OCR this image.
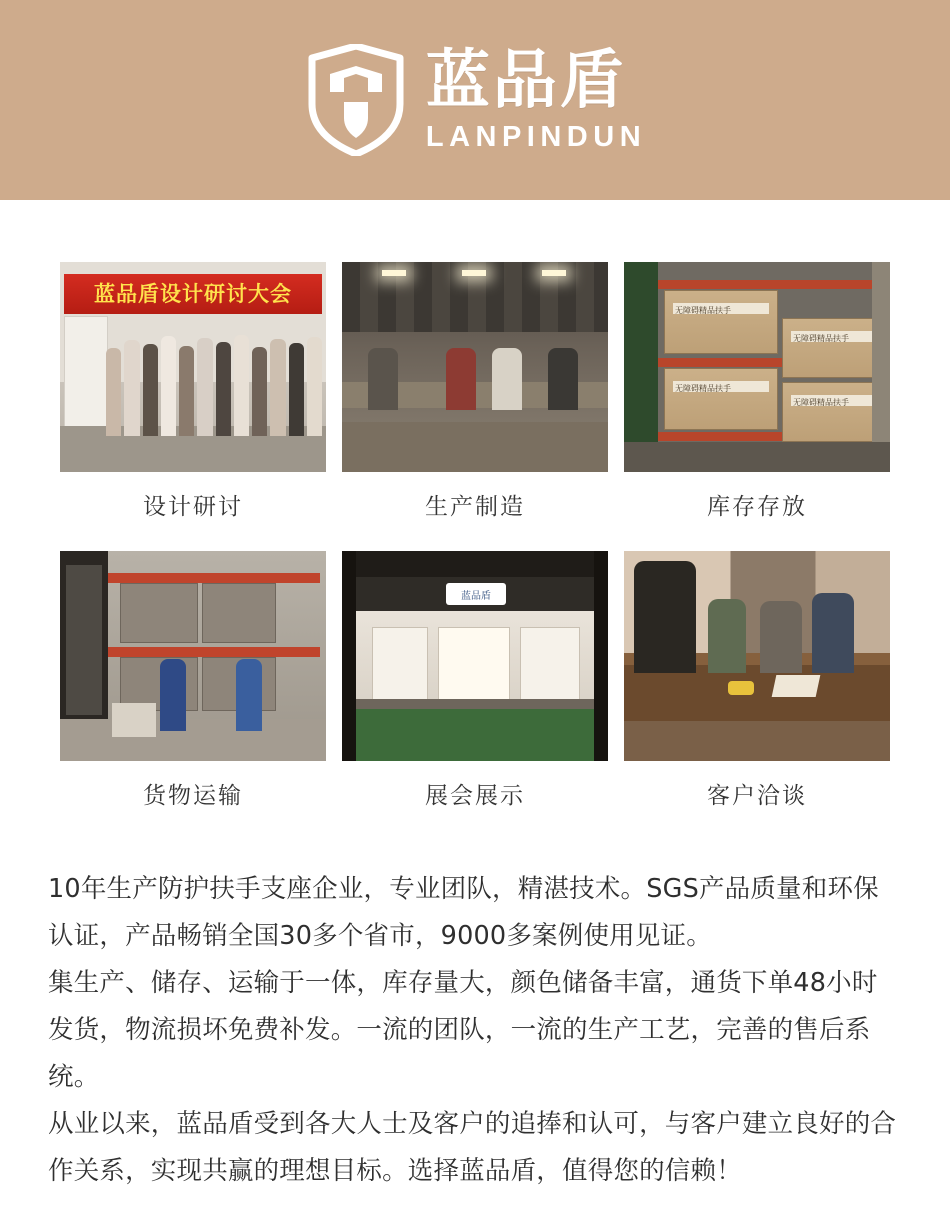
蓝品盾
LANPINDUN
蓝品盾设计研讨大会
设计研讨	生产制造
无障碍精品扶手
无障碍精品扶手
无障碍精品扶手
无障碍精品扶手
库存存放
货物运输
蓝品盾
展会展示	客户洽谈

10年生产防护扶手支座企业，专业团队，精湛技术。SGS产品质量和环保认证，产品畅销全国30多个省市，9000多案例使用见证。

集生产、储存、运输于一体，库存量大，颜色储备丰富，通货下单48小时发货，物流损坏免费补发。一流的团队，一流的生产工艺，完善的售后系统。

从业以来，蓝品盾受到各大人士及客户的追捧和认可，与客户建立良好的合作关系，实现共赢的理想目标。选择蓝品盾，值得您的信赖！
